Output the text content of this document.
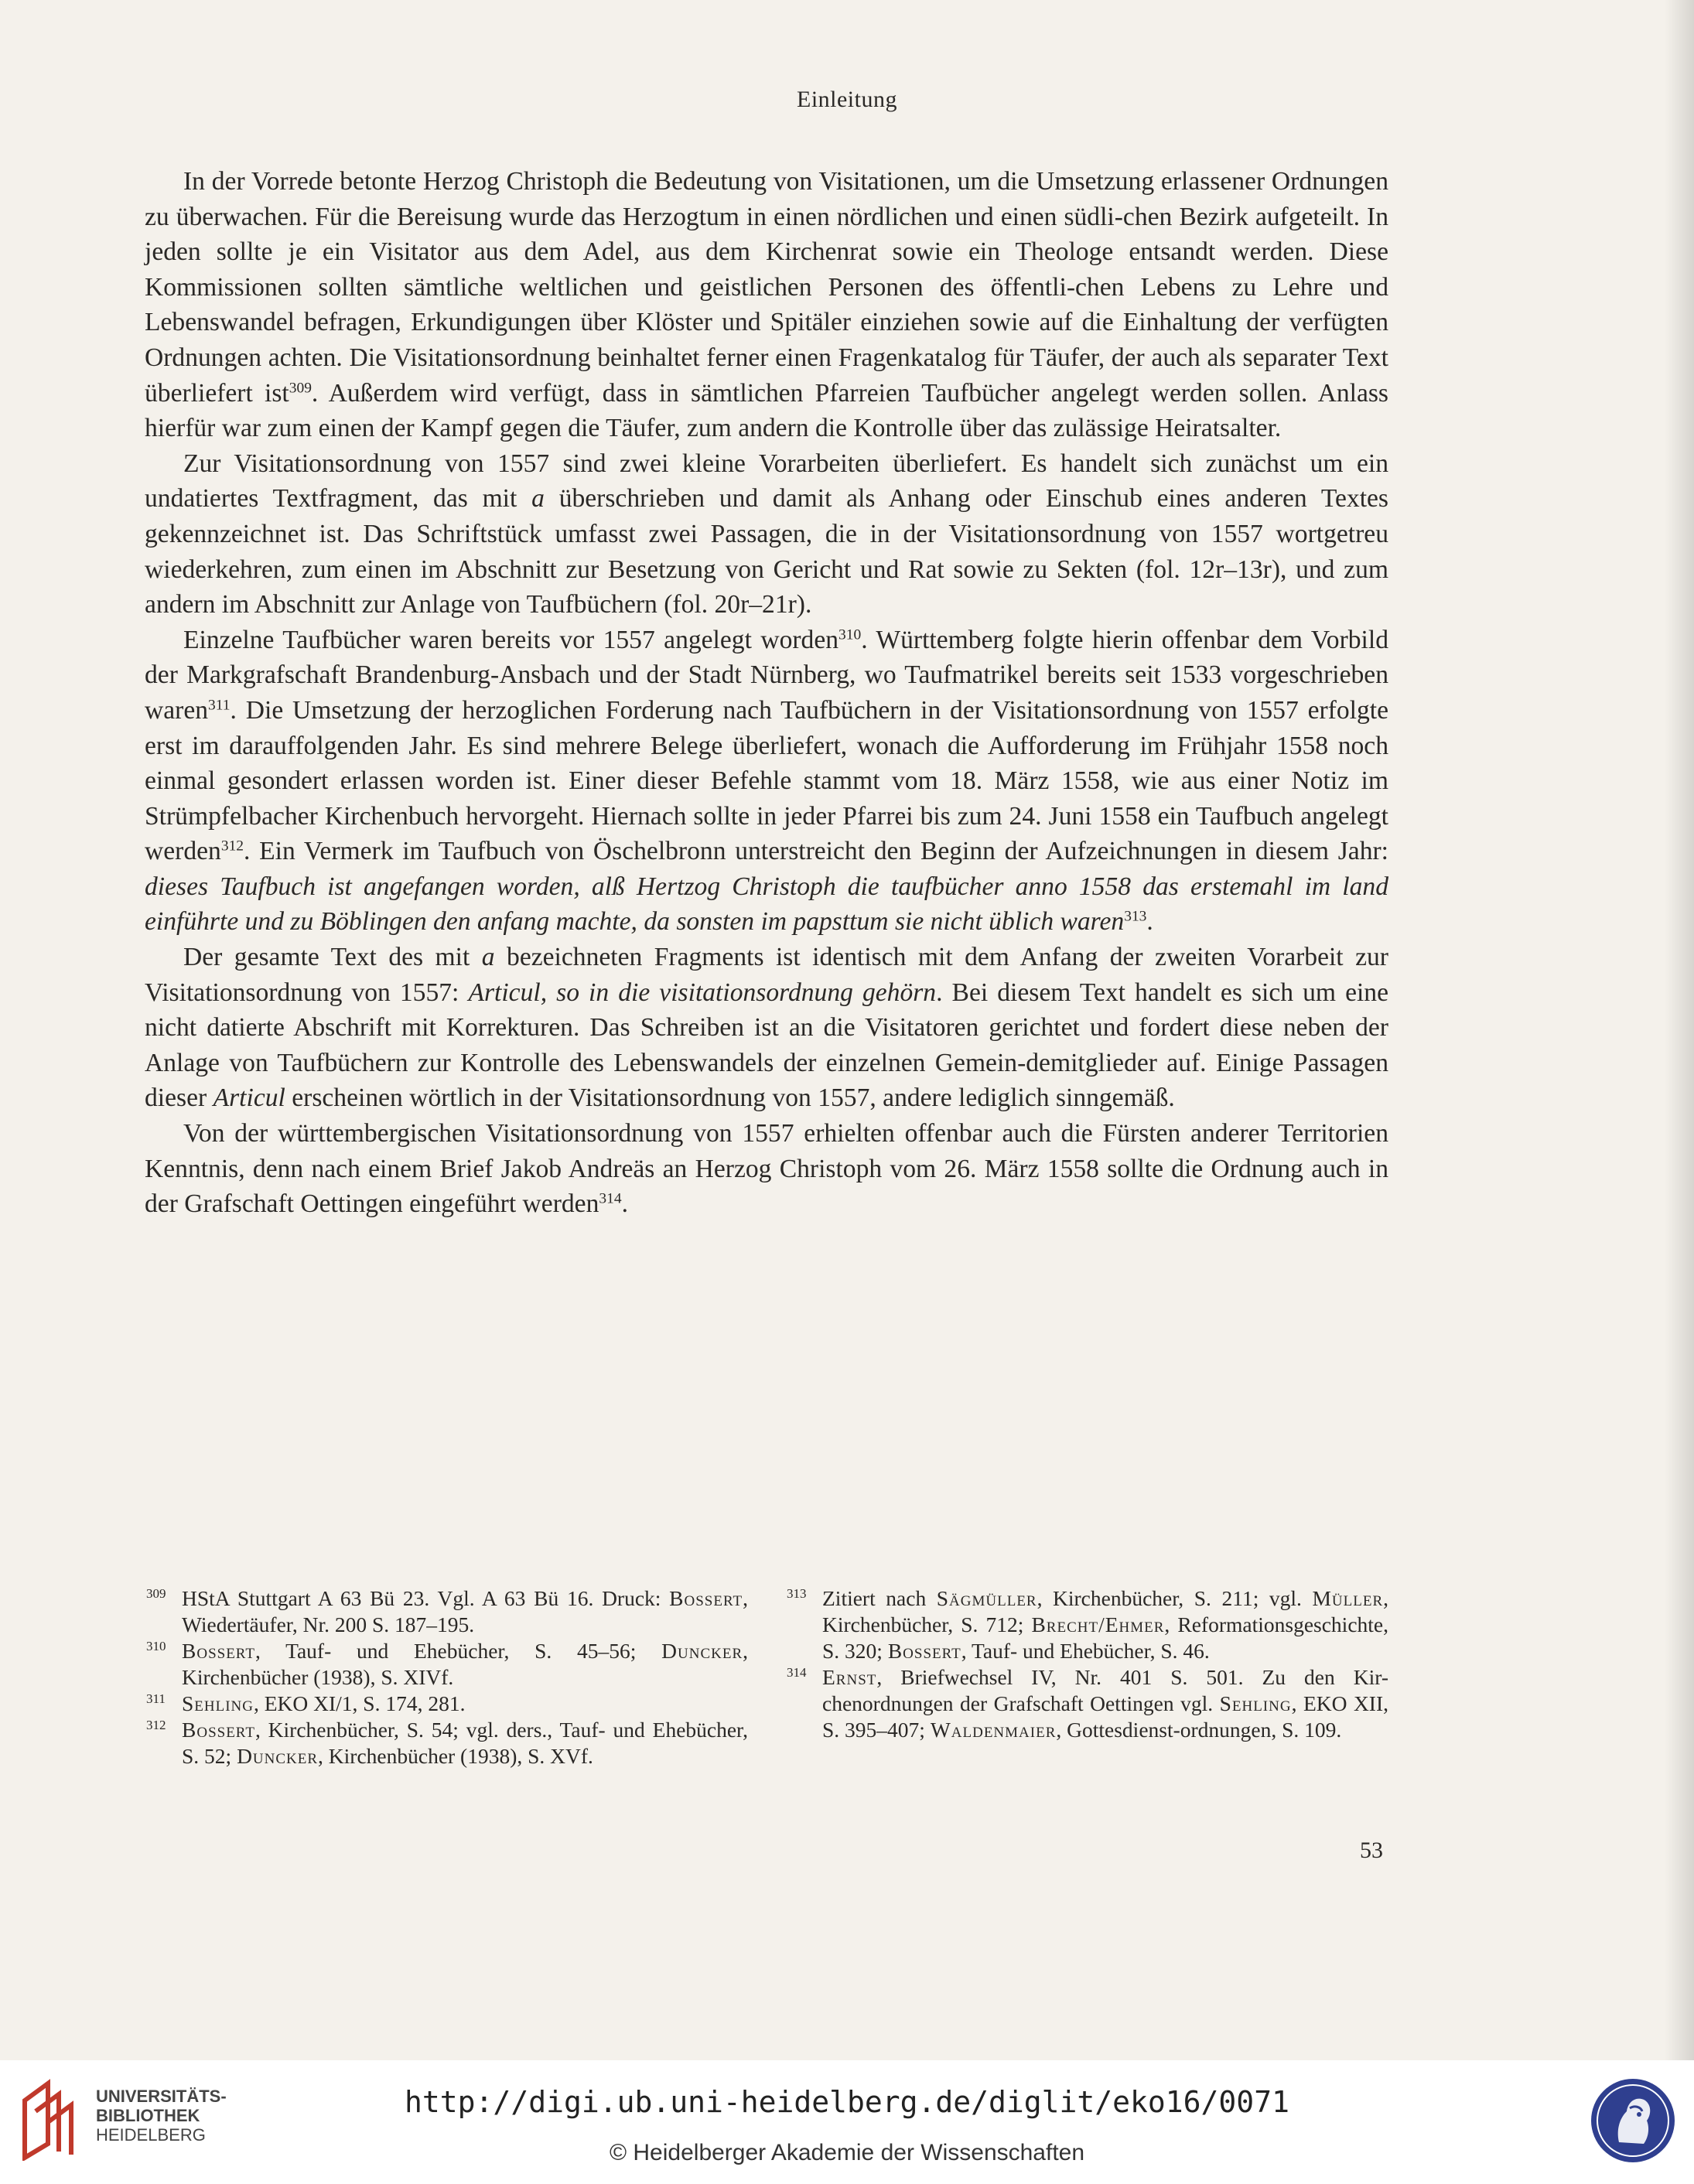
Einleitung

In der Vorrede betonte Herzog Christoph die Bedeutung von Visitationen, um die Umsetzung erlassener Ordnungen zu überwachen. Für die Bereisung wurde das Herzogtum in einen nördlichen und einen südli-chen Bezirk aufgeteilt. In jeden sollte je ein Visitator aus dem Adel, aus dem Kirchenrat sowie ein Theologe entsandt werden. Diese Kommissionen sollten sämtliche weltlichen und geistlichen Personen des öffentli-chen Lebens zu Lehre und Lebenswandel befragen, Erkundigungen über Klöster und Spitäler einziehen sowie auf die Einhaltung der verfügten Ordnungen achten. Die Visitationsordnung beinhaltet ferner einen Fragenkatalog für Täufer, der auch als separater Text überliefert ist$^{309}$. Außerdem wird verfügt, dass in sämtlichen Pfarreien Taufbücher angelegt werden sollen. Anlass hierfür war zum einen der Kampf gegen die Täufer, zum andern die Kontrolle über das zulässige Heiratsalter.

Zur Visitationsordnung von 1557 sind zwei kleine Vorarbeiten überliefert. Es handelt sich zunächst um ein undatiertes Textfragment, das mit a überschrieben und damit als Anhang oder Einschub eines anderen Textes gekennzeichnet ist. Das Schriftstück umfasst zwei Passagen, die in der Visitationsordnung von 1557 wortgetreu wiederkehren, zum einen im Abschnitt zur Besetzung von Gericht und Rat sowie zu Sekten (fol. 12r–13r), und zum andern im Abschnitt zur Anlage von Taufbüchern (fol. 20r–21r).

Einzelne Taufbücher waren bereits vor 1557 angelegt worden$^{310}$. Württemberg folgte hierin offenbar dem Vorbild der Markgrafschaft Brandenburg-Ansbach und der Stadt Nürnberg, wo Taufmatrikel bereits seit 1533 vorgeschrieben waren$^{311}$. Die Umsetzung der herzoglichen Forderung nach Taufbüchern in der Visitationsordnung von 1557 erfolgte erst im darauffolgenden Jahr. Es sind mehrere Belege überliefert, wonach die Aufforderung im Frühjahr 1558 noch einmal gesondert erlassen worden ist. Einer dieser Befehle stammt vom 18. März 1558, wie aus einer Notiz im Strümpfelbacher Kirchenbuch hervorgeht. Hiernach sollte in jeder Pfarrei bis zum 24. Juni 1558 ein Taufbuch angelegt werden$^{312}$. Ein Vermerk im Taufbuch von Öschelbronn unterstreicht den Beginn der Aufzeichnungen in diesem Jahr: dieses Taufbuch ist angefangen worden, alß Hertzog Christoph die taufbücher anno 1558 das erstemahl im land einführte und zu Böblingen den anfang machte, da sonsten im papsttum sie nicht üblich waren$^{313}$.

Der gesamte Text des mit a bezeichneten Fragments ist identisch mit dem Anfang der zweiten Vorarbeit zur Visitationsordnung von 1557: Articul, so in die visitationsordnung gehörn. Bei diesem Text handelt es sich um eine nicht datierte Abschrift mit Korrekturen. Das Schreiben ist an die Visitatoren gerichtet und fordert diese neben der Anlage von Taufbüchern zur Kontrolle des Lebenswandels der einzelnen Gemein-demitglieder auf. Einige Passagen dieser Articul erscheinen wörtlich in der Visitationsordnung von 1557, andere lediglich sinngemäß.

Von der württembergischen Visitationsordnung von 1557 erhielten offenbar auch die Fürsten anderer Territorien Kenntnis, denn nach einem Brief Jakob Andreäs an Herzog Christoph vom 26. März 1558 sollte die Ordnung auch in der Grafschaft Oettingen eingeführt werden$^{314}$.

309 HStA Stuttgart A 63 Bü 23. Vgl. A 63 Bü 16. Druck: Bossert, Wiedertäufer, Nr. 200 S. 187–195.
310 Bossert, Tauf- und Ehebücher, S. 45–56; Duncker, Kirchenbücher (1938), S. XIVf.
311 Sehling, EKO XI/1, S. 174, 281.
312 Bossert, Kirchenbücher, S. 54; vgl. ders., Tauf- und Ehebücher, S. 52; Duncker, Kirchenbücher (1938), S. XVf.
313 Zitiert nach Sägmüller, Kirchenbücher, S. 211; vgl. Müller, Kirchenbücher, S. 712; Brecht/Ehmer, Reformationsgeschichte, S. 320; Bossert, Tauf- und Ehebücher, S. 46.
314 Ernst, Briefwechsel IV, Nr. 401 S. 501. Zu den Kir-chenordnungen der Grafschaft Oettingen vgl. Sehling, EKO XII, S. 395–407; Waldenmaier, Gottesdienst-ordnungen, S. 109.
53
UNIVERSITÄTS-
BIBLIOTHEK
HEIDELBERG
http://digi.ub.uni-heidelberg.de/diglit/eko16/0071
© Heidelberger Akademie der Wissenschaften
